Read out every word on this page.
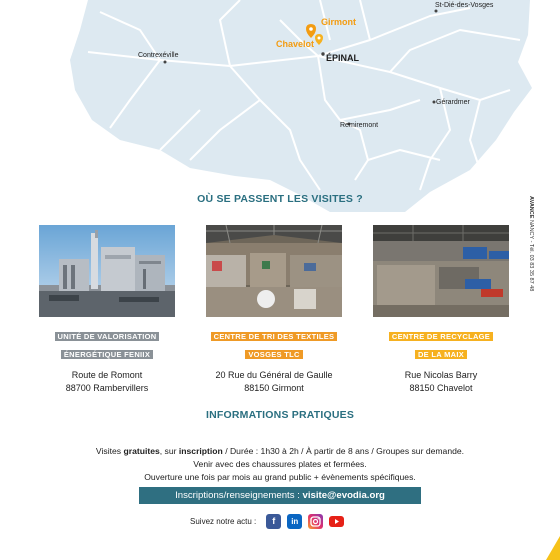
St-Dié-des-Vosges
Contrexéville
Gérardmer
Remiremont
ÉPINAL
Girmont
Chavelot
AVANCE NANCY - Tél. 03 83 35 87 48
OÙ SE PASSENT LES VISITES ?
UNITÉ DE VALORISATION
ÉNERGÉTIQUE FENIIX
Route de Romont
88700 Rambervillers
CENTRE DE TRI DES TEXTILES
VOSGES TLC
20 Rue du Général de Gaulle
88150 Girmont
CENTRE DE RECYCLAGE
DE LA MAIX
Rue Nicolas Barry
88150 Chavelot
INFORMATIONS PRATIQUES
Visites gratuites, sur inscription / Durée : 1h30 à 2h / À partir de 8 ans / Groupes sur demande.
Venir avec des chaussures plates et fermées.
Ouverture une fois par mois au grand public + évènements spécifiques.
Inscriptions/renseignements : visite@evodia.org
Suivez notre actu :	f	in
